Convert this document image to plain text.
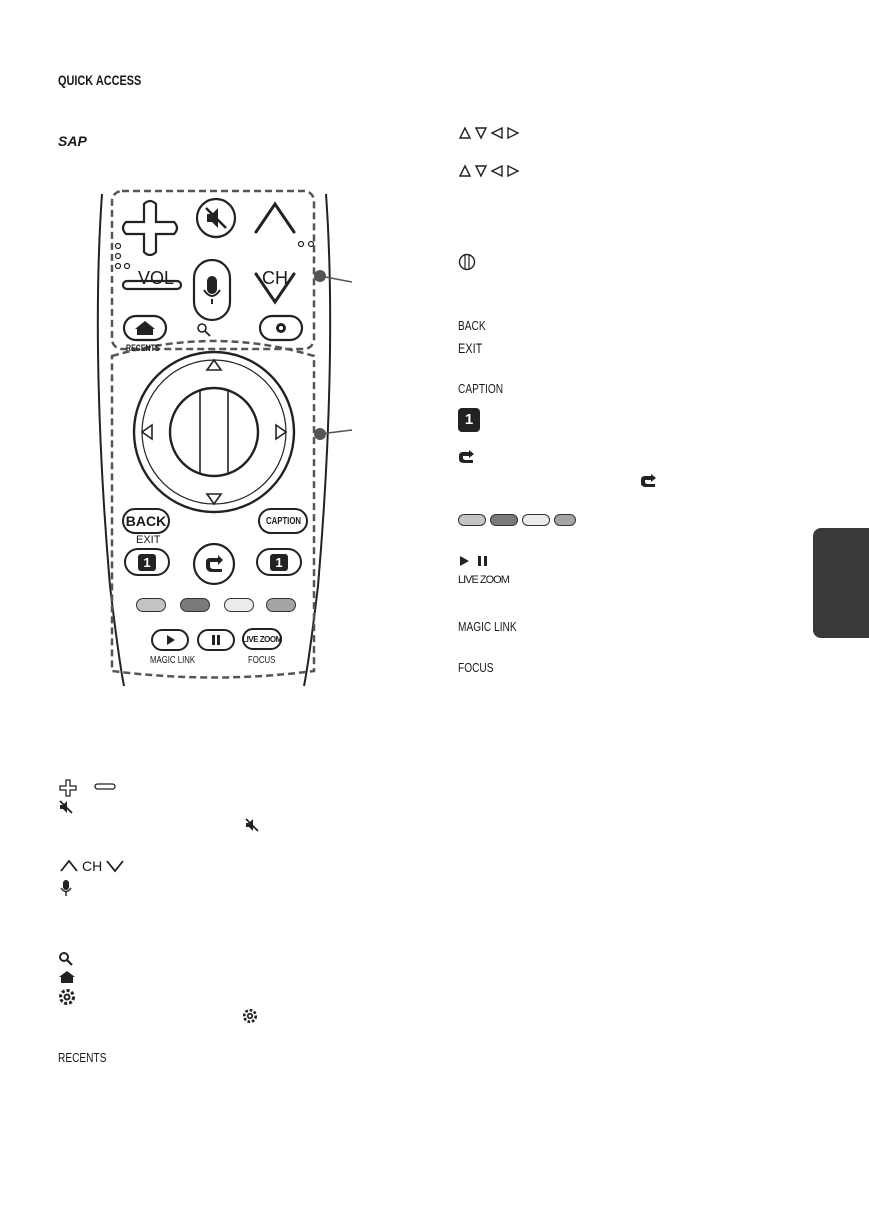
QUICK ACCESS
SAP
VOL	CH
RECENTS
BACK
EXIT
CAPTION
1	1
LIVE ZOOM
MAGIC LINK	FOCUS
CH
RECENTS
BACK
EXIT
CAPTION
1
LIVE ZOOM
MAGIC LINK
FOCUS
